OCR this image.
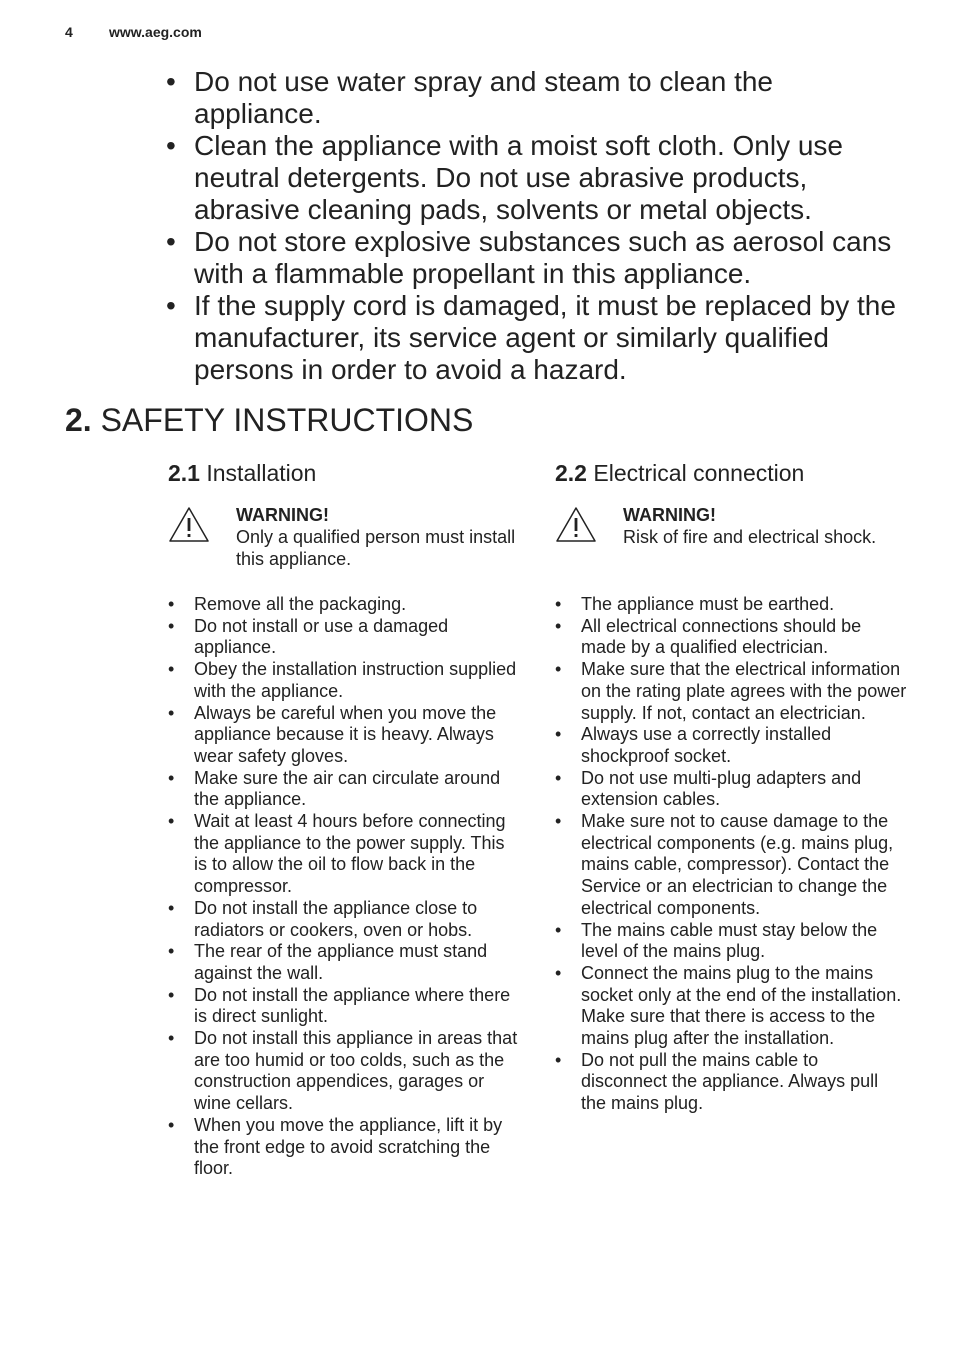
4	www.aeg.com
• Do not use water spray and steam to clean the appliance.
• Clean the appliance with a moist soft cloth. Only use neutral detergents. Do not use abrasive products, abrasive cleaning pads, solvents or metal objects.
• Do not store explosive substances such as aerosol cans with a flammable propellant in this appliance.
• If the supply cord is damaged, it must be replaced by the manufacturer, its service agent or similarly qualified persons in order to avoid a hazard.
2. SAFETY INSTRUCTIONS
2.1 Installation
WARNING!
Only a qualified person must install this appliance.
• Remove all the packaging.
• Do not install or use a damaged appliance.
• Obey the installation instruction supplied with the appliance.
• Always be careful when you move the appliance because it is heavy. Always wear safety gloves.
• Make sure the air can circulate around the appliance.
• Wait at least 4 hours before connecting the appliance to the power supply. This is to allow the oil to flow back in the compressor.
• Do not install the appliance close to radiators or cookers, oven or hobs.
• The rear of the appliance must stand against the wall.
• Do not install the appliance where there is direct sunlight.
• Do not install this appliance in areas that are too humid or too colds, such as the construction appendices, garages or wine cellars.
• When you move the appliance, lift it by the front edge to avoid scratching the floor.
2.2 Electrical connection
WARNING!
Risk of fire and electrical shock.
• The appliance must be earthed.
• All electrical connections should be made by a qualified electrician.
• Make sure that the electrical information on the rating plate agrees with the power supply. If not, contact an electrician.
• Always use a correctly installed shockproof socket.
• Do not use multi-plug adapters and extension cables.
• Make sure not to cause damage to the electrical components (e.g. mains plug, mains cable, compressor). Contact the Service or an electrician to change the electrical components.
• The mains cable must stay below the level of the mains plug.
• Connect the mains plug to the mains socket only at the end of the installation. Make sure that there is access to the mains plug after the installation.
• Do not pull the mains cable to disconnect the appliance. Always pull the mains plug.
